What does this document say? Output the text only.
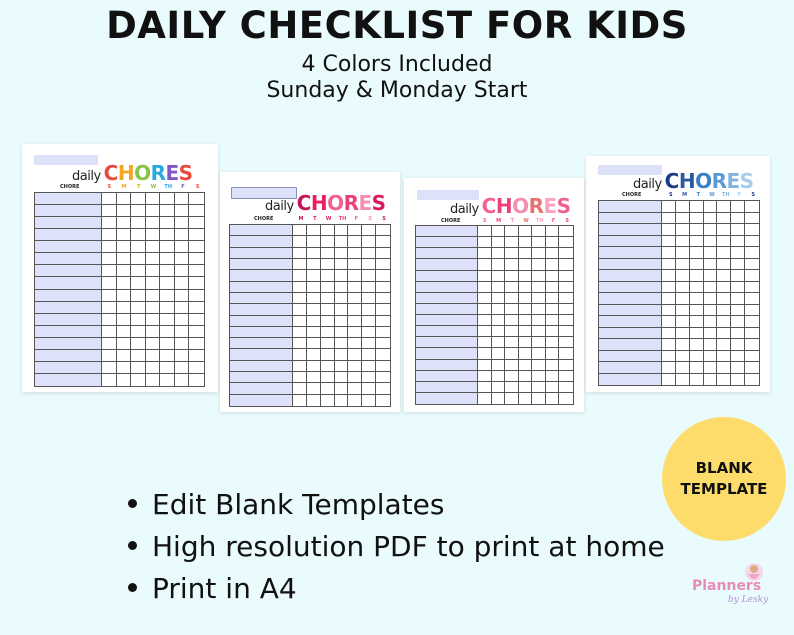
DAILY CHECKLIST FOR KIDS
4 Colors Included
Sunday & Monday Start
daily CHORES
CHORE	S	M	T	W	TH	F	S
daily CHORES
CHORE	M	T	W	TH	F	S	S
daily CHORES
CHORE	S	M	T	W	TH	F	S
daily CHORES
CHORE	S	M	T	W	TH	F	S
Edit Blank Templates
High resolution PDF to print at home
Print in A4
BLANK
TEMPLATE
Planners
by Lesky
